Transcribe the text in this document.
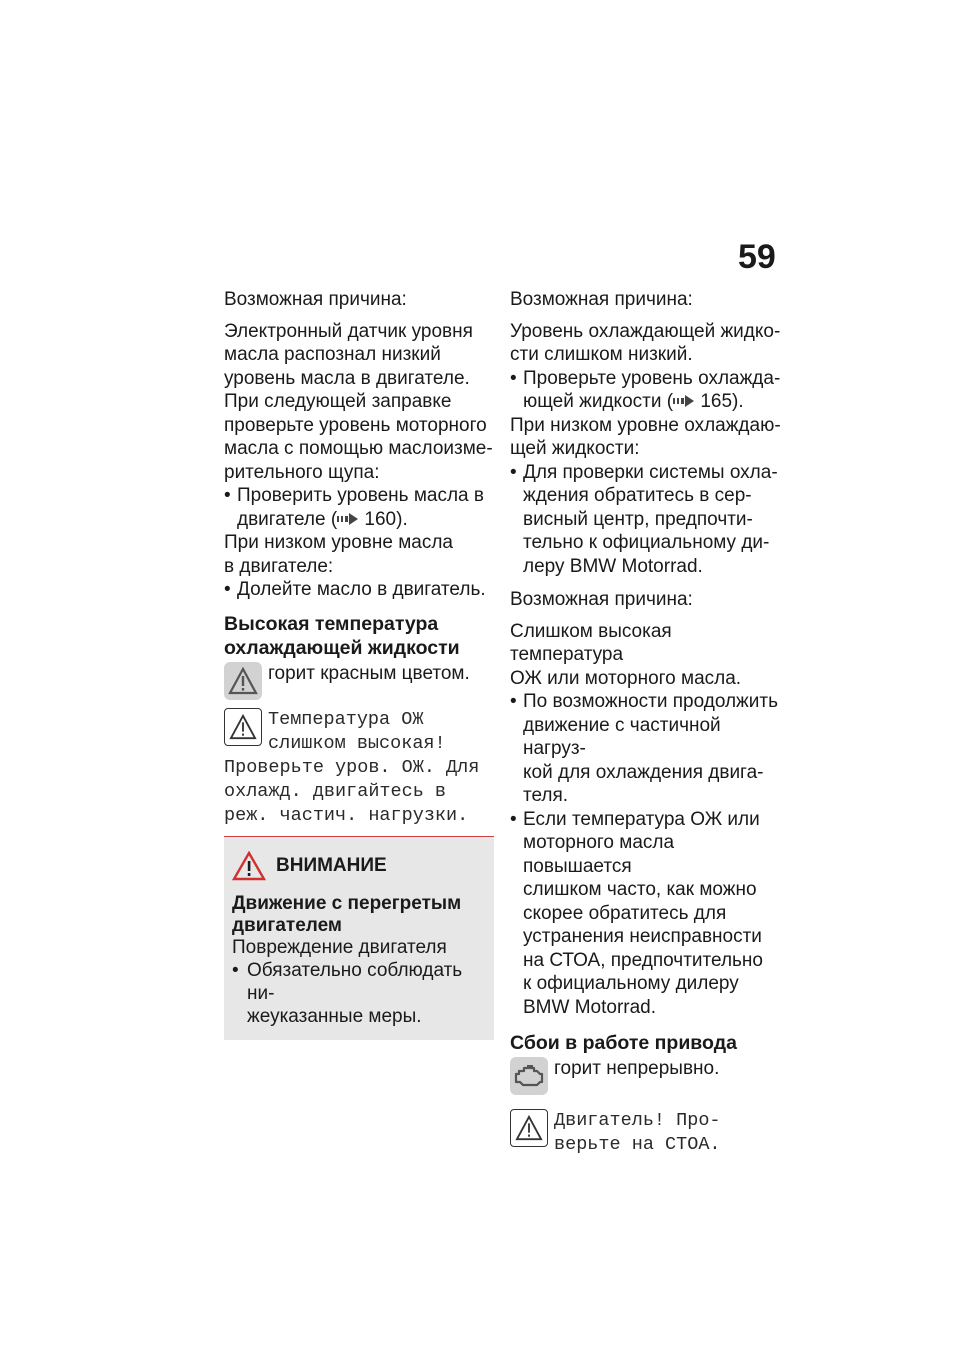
59

Возможная причина:

Электронный датчик уровня
масла распознал низкий
уровень масла в двигателе.
При следующей заправке
проверьте уровень моторного
масла с помощью маслоизме-
рительного щупа:
• Проверить уровень масла в
двигателе ( 160).
При низком уровне масла
в двигателе:
• Долейте масло в двигатель.
Высокая температура
охлаждающей жидкости
горит красным цветом.
Температура ОЖ
слишком высокая!
Проверьте уров. ОЖ. Для
охлажд. двигайтесь в
реж. частич. нагрузки.
ВНИМАНИЕ
Движение с перегретым
двигателем

Повреждение двигателя

• Обязательно соблюдать ни-
жеуказанные меры.

Возможная причина:

Уровень охлаждающей жидко-
сти слишком низкий.
• Проверьте уровень охлажда-
ющей жидкости ( 165).
При низком уровне охлаждаю-
щей жидкости:
• Для проверки системы охла-
ждения обратитесь в сер-
висный центр, предпочти-
тельно к официальному ди-
леру BMW Motorrad.

Возможная причина:

Слишком высокая температура
ОЖ или моторного масла.
• По возможности продолжить
движение с частичной нагруз-
кой для охлаждения двига-
теля.
• Если температура ОЖ или
моторного масла повышается
слишком часто, как можно
скорее обратитесь для
устранения неисправности
на СТОА, предпочтительно
к официальному дилеру
BMW Motorrad.
Сбои в работе привода
горит непрерывно.
Двигатель! Про-
верьте на СТОА.
